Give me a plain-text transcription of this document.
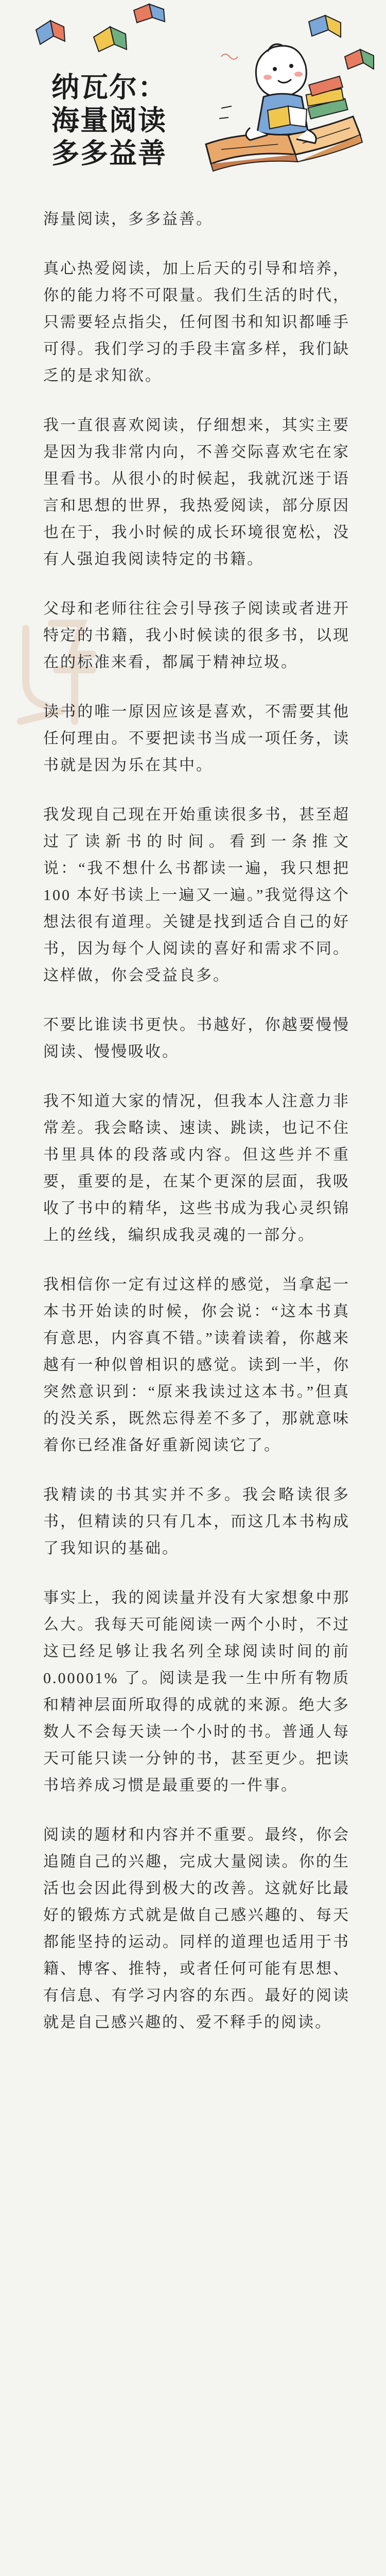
纳瓦尔：
海量阅读
多多益善

海量阅读，多多益善。

真心热爱阅读，加上后天的引导和培养，你的能力将不可限量。我们生活的时代，只需要轻点指尖，任何图书和知识都唾手可得。我们学习的手段丰富多样，我们缺乏的是求知欲。

我一直很喜欢阅读，仔细想来，其实主要是因为我非常内向，不善交际喜欢宅在家里看书。从很小的时候起，我就沉迷于语言和思想的世界，我热爱阅读，部分原因也在于，我小时候的成长环境很宽松，没有人强迫我阅读特定的书籍。

父母和老师往往会引导孩子阅读或者进开特定的书籍，我小时候读的很多书，以现在的标准来看，都属于精神垃圾。

读书的唯一原因应该是喜欢，不需要其他任何理由。不要把读书当成一项任务，读书就是因为乐在其中。

我发现自己现在开始重读很多书，甚至超过了读新书的时间。看到一条推文说：“我不想什么书都读一遍，我只想把 100 本好书读上一遍又一遍。”我觉得这个想法很有道理。关键是找到适合自己的好书，因为每个人阅读的喜好和需求不同。这样做，你会受益良多。

不要比谁读书更快。书越好，你越要慢慢阅读、慢慢吸收。

我不知道大家的情况，但我本人注意力非常差。我会略读、速读、跳读，也记不住书里具体的段落或内容。但这些并不重要，重要的是，在某个更深的层面，我吸收了书中的精华，这些书成为我心灵织锦上的丝线，编织成我灵魂的一部分。

我相信你一定有过这样的感觉，当拿起一本书开始读的时候，你会说：“这本书真有意思，内容真不错。”读着读着，你越来越有一种似曾相识的感觉。读到一半，你突然意识到：“原来我读过这本书。”但真的没关系，既然忘得差不多了，那就意味着你已经准备好重新阅读它了。

我精读的书其实并不多。我会略读很多书，但精读的只有几本，而这几本书构成了我知识的基础。

事实上，我的阅读量并没有大家想象中那么大。我每天可能阅读一两个小时，不过这已经足够让我名列全球阅读时间的前 0.00001% 了。阅读是我一生中所有物质和精神层面所取得的成就的来源。绝大多数人不会每天读一个小时的书。普通人每天可能只读一分钟的书，甚至更少。把读书培养成习惯是最重要的一件事。

阅读的题材和内容并不重要。最终，你会追随自己的兴趣，完成大量阅读。你的生活也会因此得到极大的改善。这就好比最好的锻炼方式就是做自己感兴趣的、每天都能坚持的运动。同样的道理也适用于书籍、博客、推特，或者任何可能有思想、有信息、有学习内容的东西。最好的阅读就是自己感兴趣的、爱不释手的阅读。
